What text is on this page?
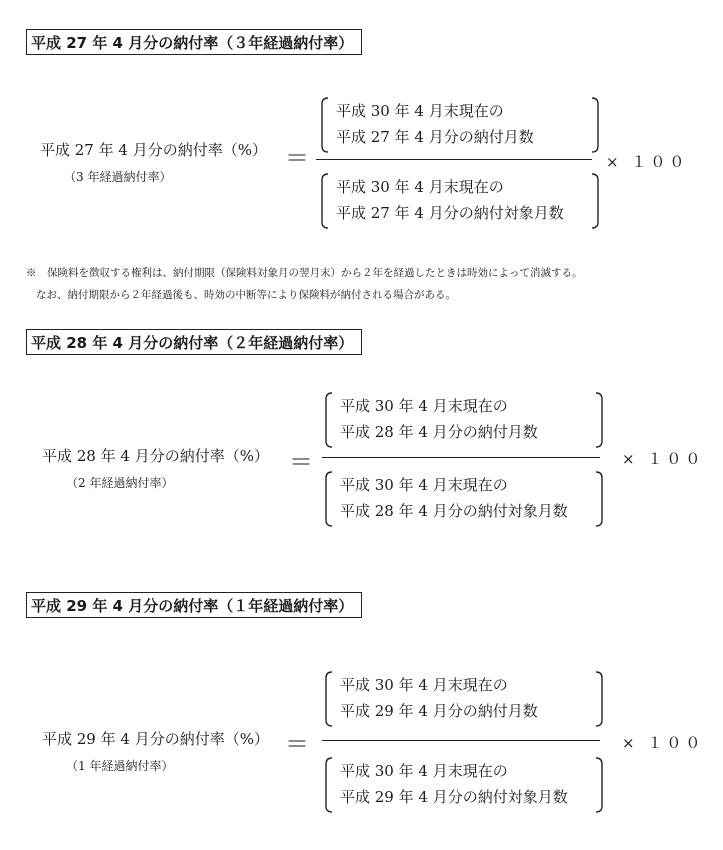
平成 27 年 4 月分の納付率（３年経過納付率）
平成 27 年 4 月分の納付率（%）
（3 年経過納付率）
＝
平成 30 年 4 月末現在の
平成 27 年 4 月分の納付月数
平成 30 年 4 月末現在の
平成 27 年 4 月分の納付対象月数
× １００
※　保険料を徴収する権利は、納付期限（保険料対象月の翌月末）から２年を経過したときは時効によって消滅する。
なお、納付期限から２年経過後も、時効の中断等により保険料が納付される場合がある。
平成 28 年 4 月分の納付率（２年経過納付率）
平成 28 年 4 月分の納付率（%）
（2 年経過納付率）
＝
平成 30 年 4 月末現在の
平成 28 年 4 月分の納付月数
平成 30 年 4 月末現在の
平成 28 年 4 月分の納付対象月数
× １００
平成 29 年 4 月分の納付率（１年経過納付率）
平成 29 年 4 月分の納付率（%）
（1 年経過納付率）
＝
平成 30 年 4 月末現在の
平成 29 年 4 月分の納付月数
平成 30 年 4 月末現在の
平成 29 年 4 月分の納付対象月数
× １００
